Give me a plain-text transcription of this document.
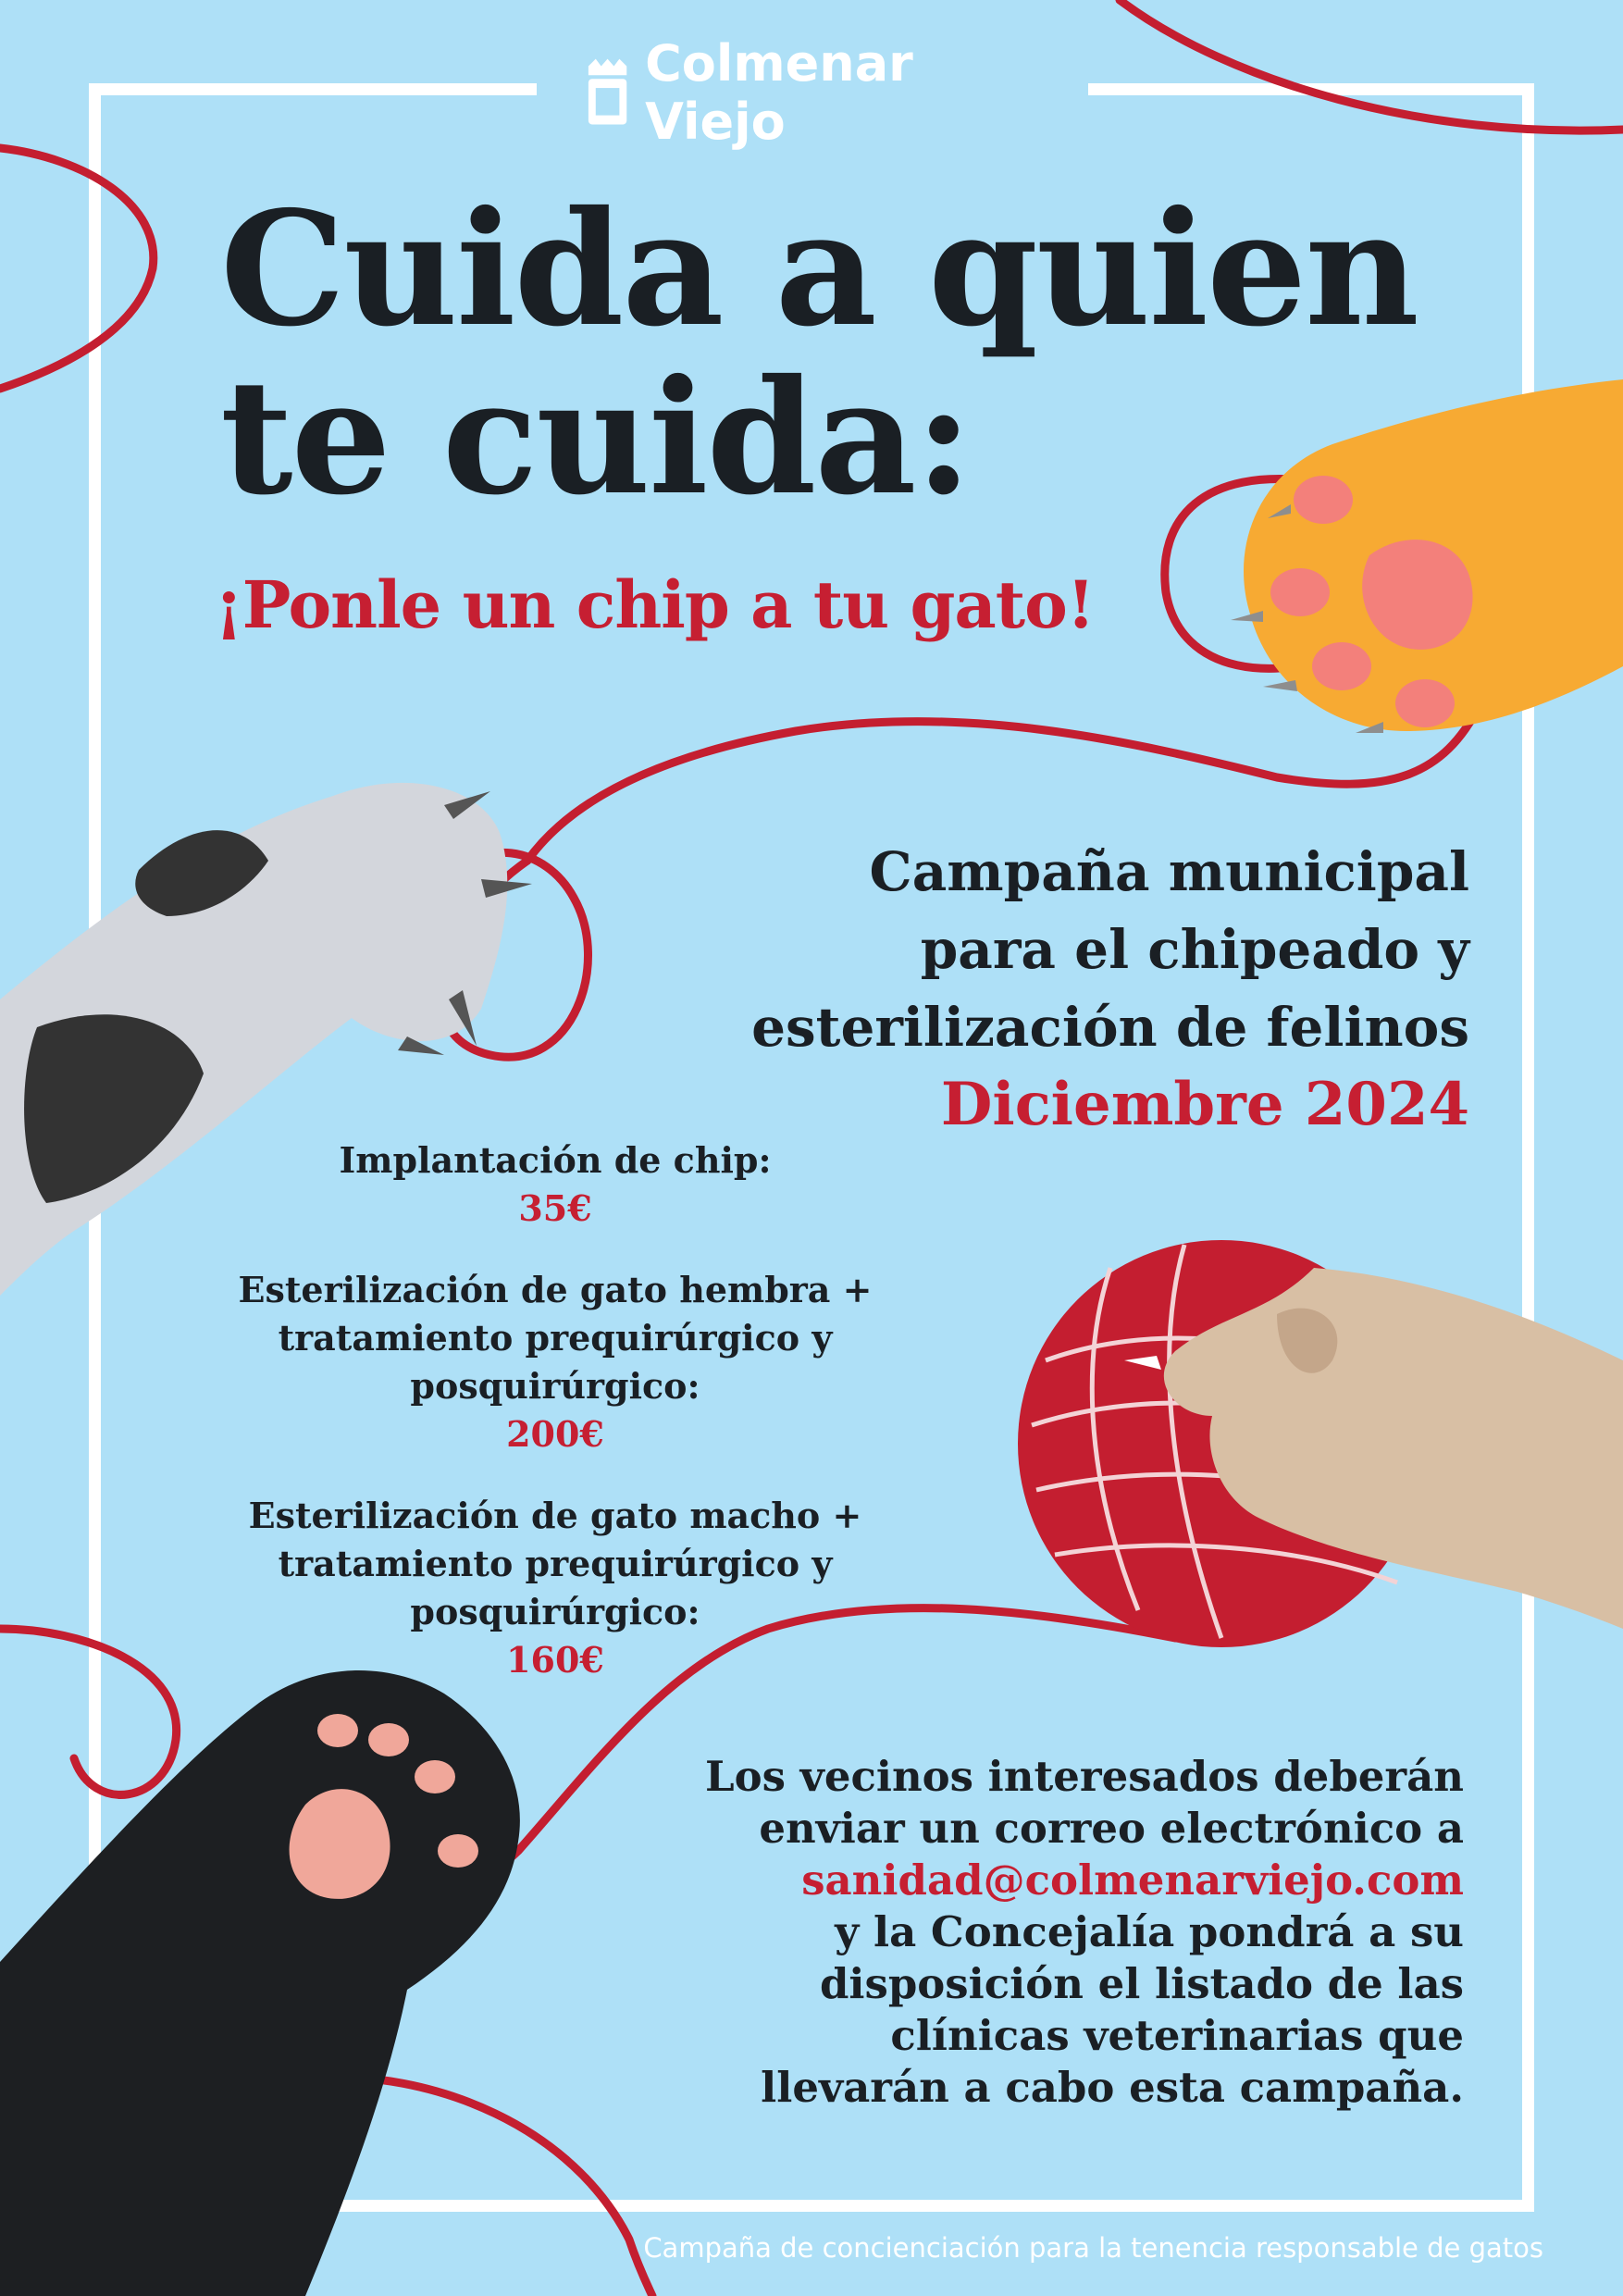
Colmenar Viejo
Cuida a quien
te cuida:
¡Ponle un chip a tu gato!
Campaña municipal
para el chipeado y
esterilización de felinos
Diciembre 2024
Implantación de chip:
35€
Esterilización de gato hembra +
tratamiento prequirúrgico y posquirúrgico:
200€
Esterilización de gato macho +
tratamiento prequirúrgico y posquirúrgico:
160€
Los vecinos interesados deberán
enviar un correo electrónico a
sanidad@colmenarviejo.com
y la Concejalía pondrá a su
disposición el listado de las
clínicas veterinarias que
llevarán a cabo esta campaña.
Campaña de concienciación para la tenencia responsable de gatos
